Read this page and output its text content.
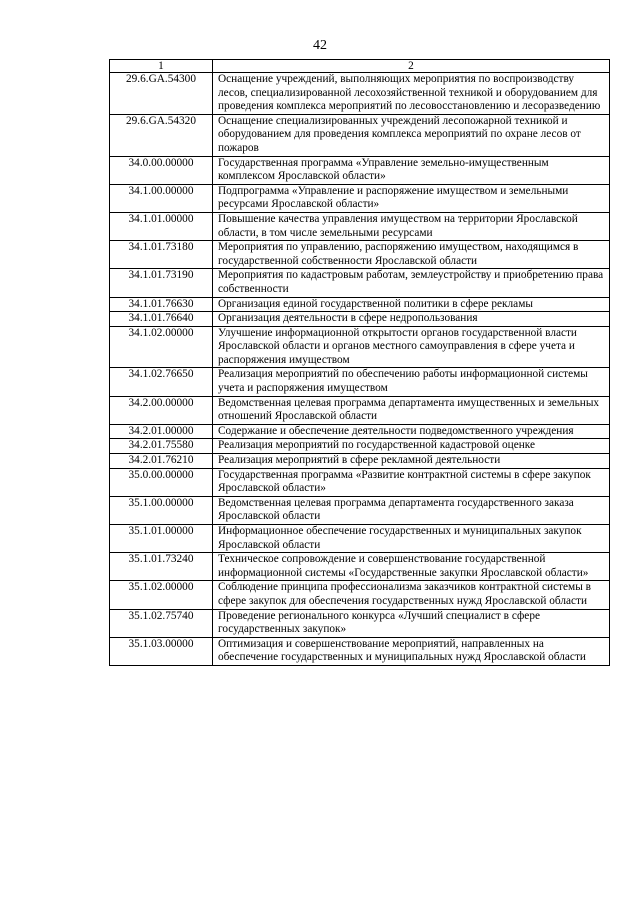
42
1	2
29.6.GA.54300	Оснащение учреждений, выполняющих мероприятия по воспроизводству лесов, специализированной лесохозяйственной техникой и оборудованием для проведения комплекса мероприятий по лесовосстановлению и лесоразведению
29.6.GA.54320	Оснащение специализированных учреждений лесопожарной техникой и оборудованием для проведения комплекса мероприятий по охране лесов от пожаров
34.0.00.00000	Государственная программа «Управление земельно-имущественным комплексом Ярославской области»
34.1.00.00000	Подпрограмма «Управление и распоряжение имуществом и земельными ресурсами Ярославской области»
34.1.01.00000	Повышение качества управления имуществом на территории Ярославской области, в том числе земельными ресурсами
34.1.01.73180	Мероприятия по управлению, распоряжению имуществом, находящимся в государственной собственности Ярославской области
34.1.01.73190	Мероприятия по кадастровым работам, землеустройству и приобретению права собственности
34.1.01.76630	Организация единой государственной политики в сфере рекламы
34.1.01.76640	Организация деятельности в сфере недропользования
34.1.02.00000	Улучшение информационной открытости органов государственной власти Ярославской области и органов местного самоуправления в сфере учета и распоряжения имуществом
34.1.02.76650	Реализация мероприятий по обеспечению работы информационной системы учета и распоряжения имуществом
34.2.00.00000	Ведомственная целевая программа департамента имущественных и земельных отношений Ярославской области
34.2.01.00000	Содержание и обеспечение деятельности подведомственного учреждения
34.2.01.75580	Реализация мероприятий по государственной кадастровой оценке
34.2.01.76210	Реализация мероприятий в сфере рекламной деятельности
35.0.00.00000	Государственная программа «Развитие контрактной системы в сфере закупок Ярославской области»
35.1.00.00000	Ведомственная целевая программа департамента государственного заказа Ярославской области
35.1.01.00000	Информационное обеспечение государственных и муниципальных закупок Ярославской области
35.1.01.73240	Техническое сопровождение и совершенствование государственной информационной системы «Государственные закупки Ярославской области»
35.1.02.00000	Соблюдение принципа профессионализма заказчиков контрактной системы в сфере закупок для обеспечения государственных нужд Ярославской области
35.1.02.75740	Проведение регионального конкурса «Лучший специалист в сфере государственных закупок»
35.1.03.00000	Оптимизация и совершенствование мероприятий, направленных на обеспечение государственных и муниципальных нужд Ярославской области
